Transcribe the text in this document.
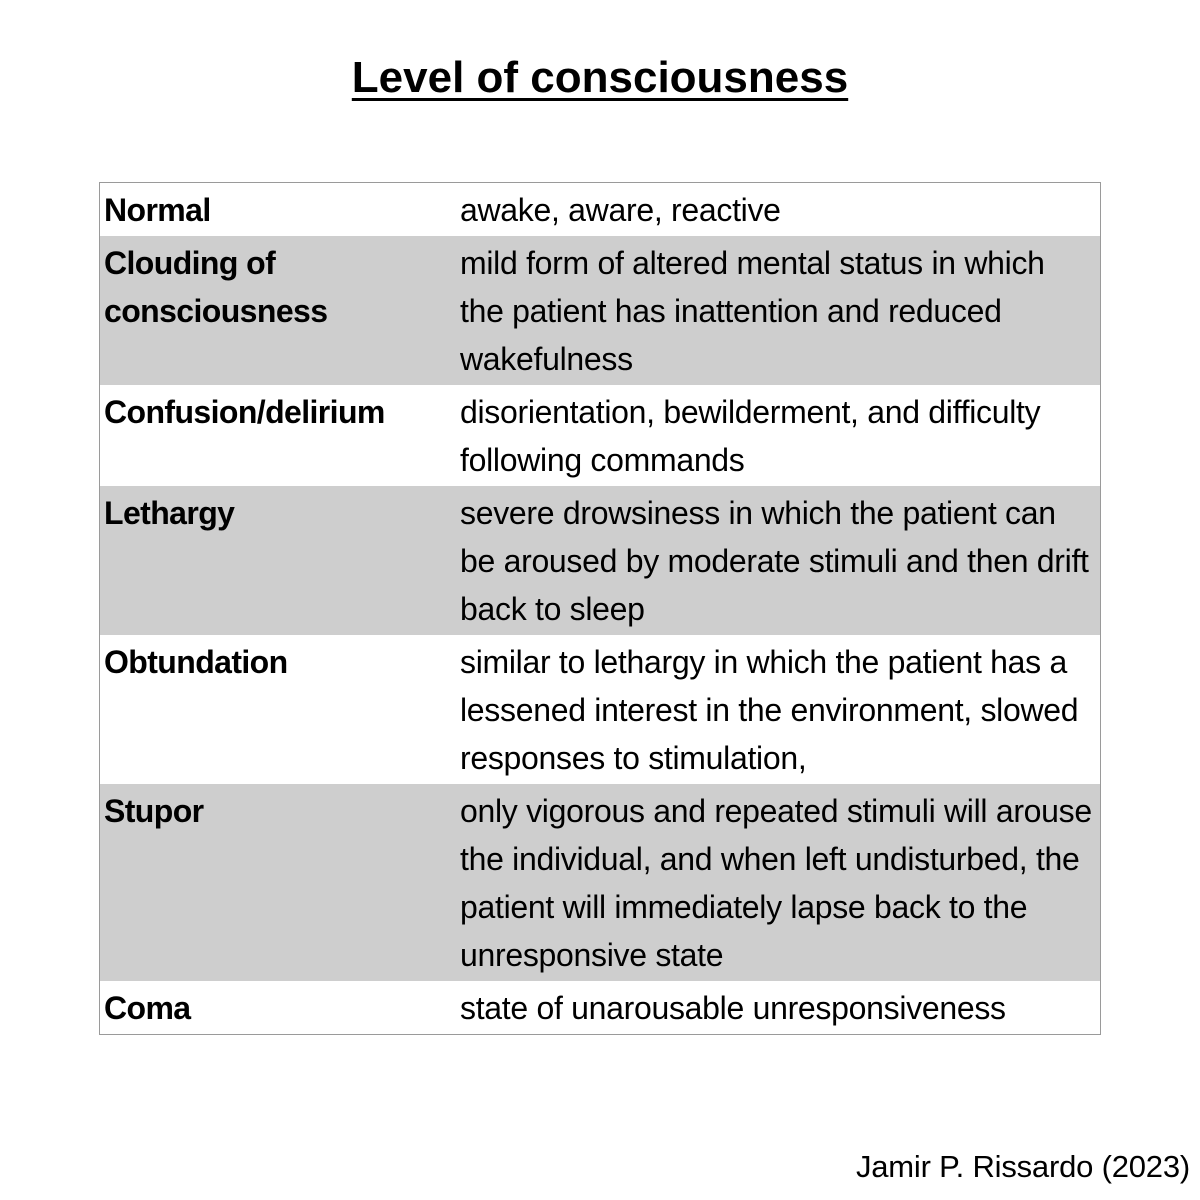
Level of consciousness
Normal	awake, aware, reactive
Clouding of consciousness	mild form of altered mental status in which the patient has inattention and reduced wakefulness
Confusion/delirium	disorientation, bewilderment, and difficulty following commands
Lethargy	severe drowsiness in which the patient can be aroused by moderate stimuli and then drift back to sleep
Obtundation	similar to lethargy in which the patient has a lessened interest in the environment, slowed responses to stimulation,
Stupor	only vigorous and repeated stimuli will arouse the individual, and when left undisturbed, the patient will immediately lapse back to the unresponsive state
Coma	state of unarousable unresponsiveness
Jamir P. Rissardo (2023)
